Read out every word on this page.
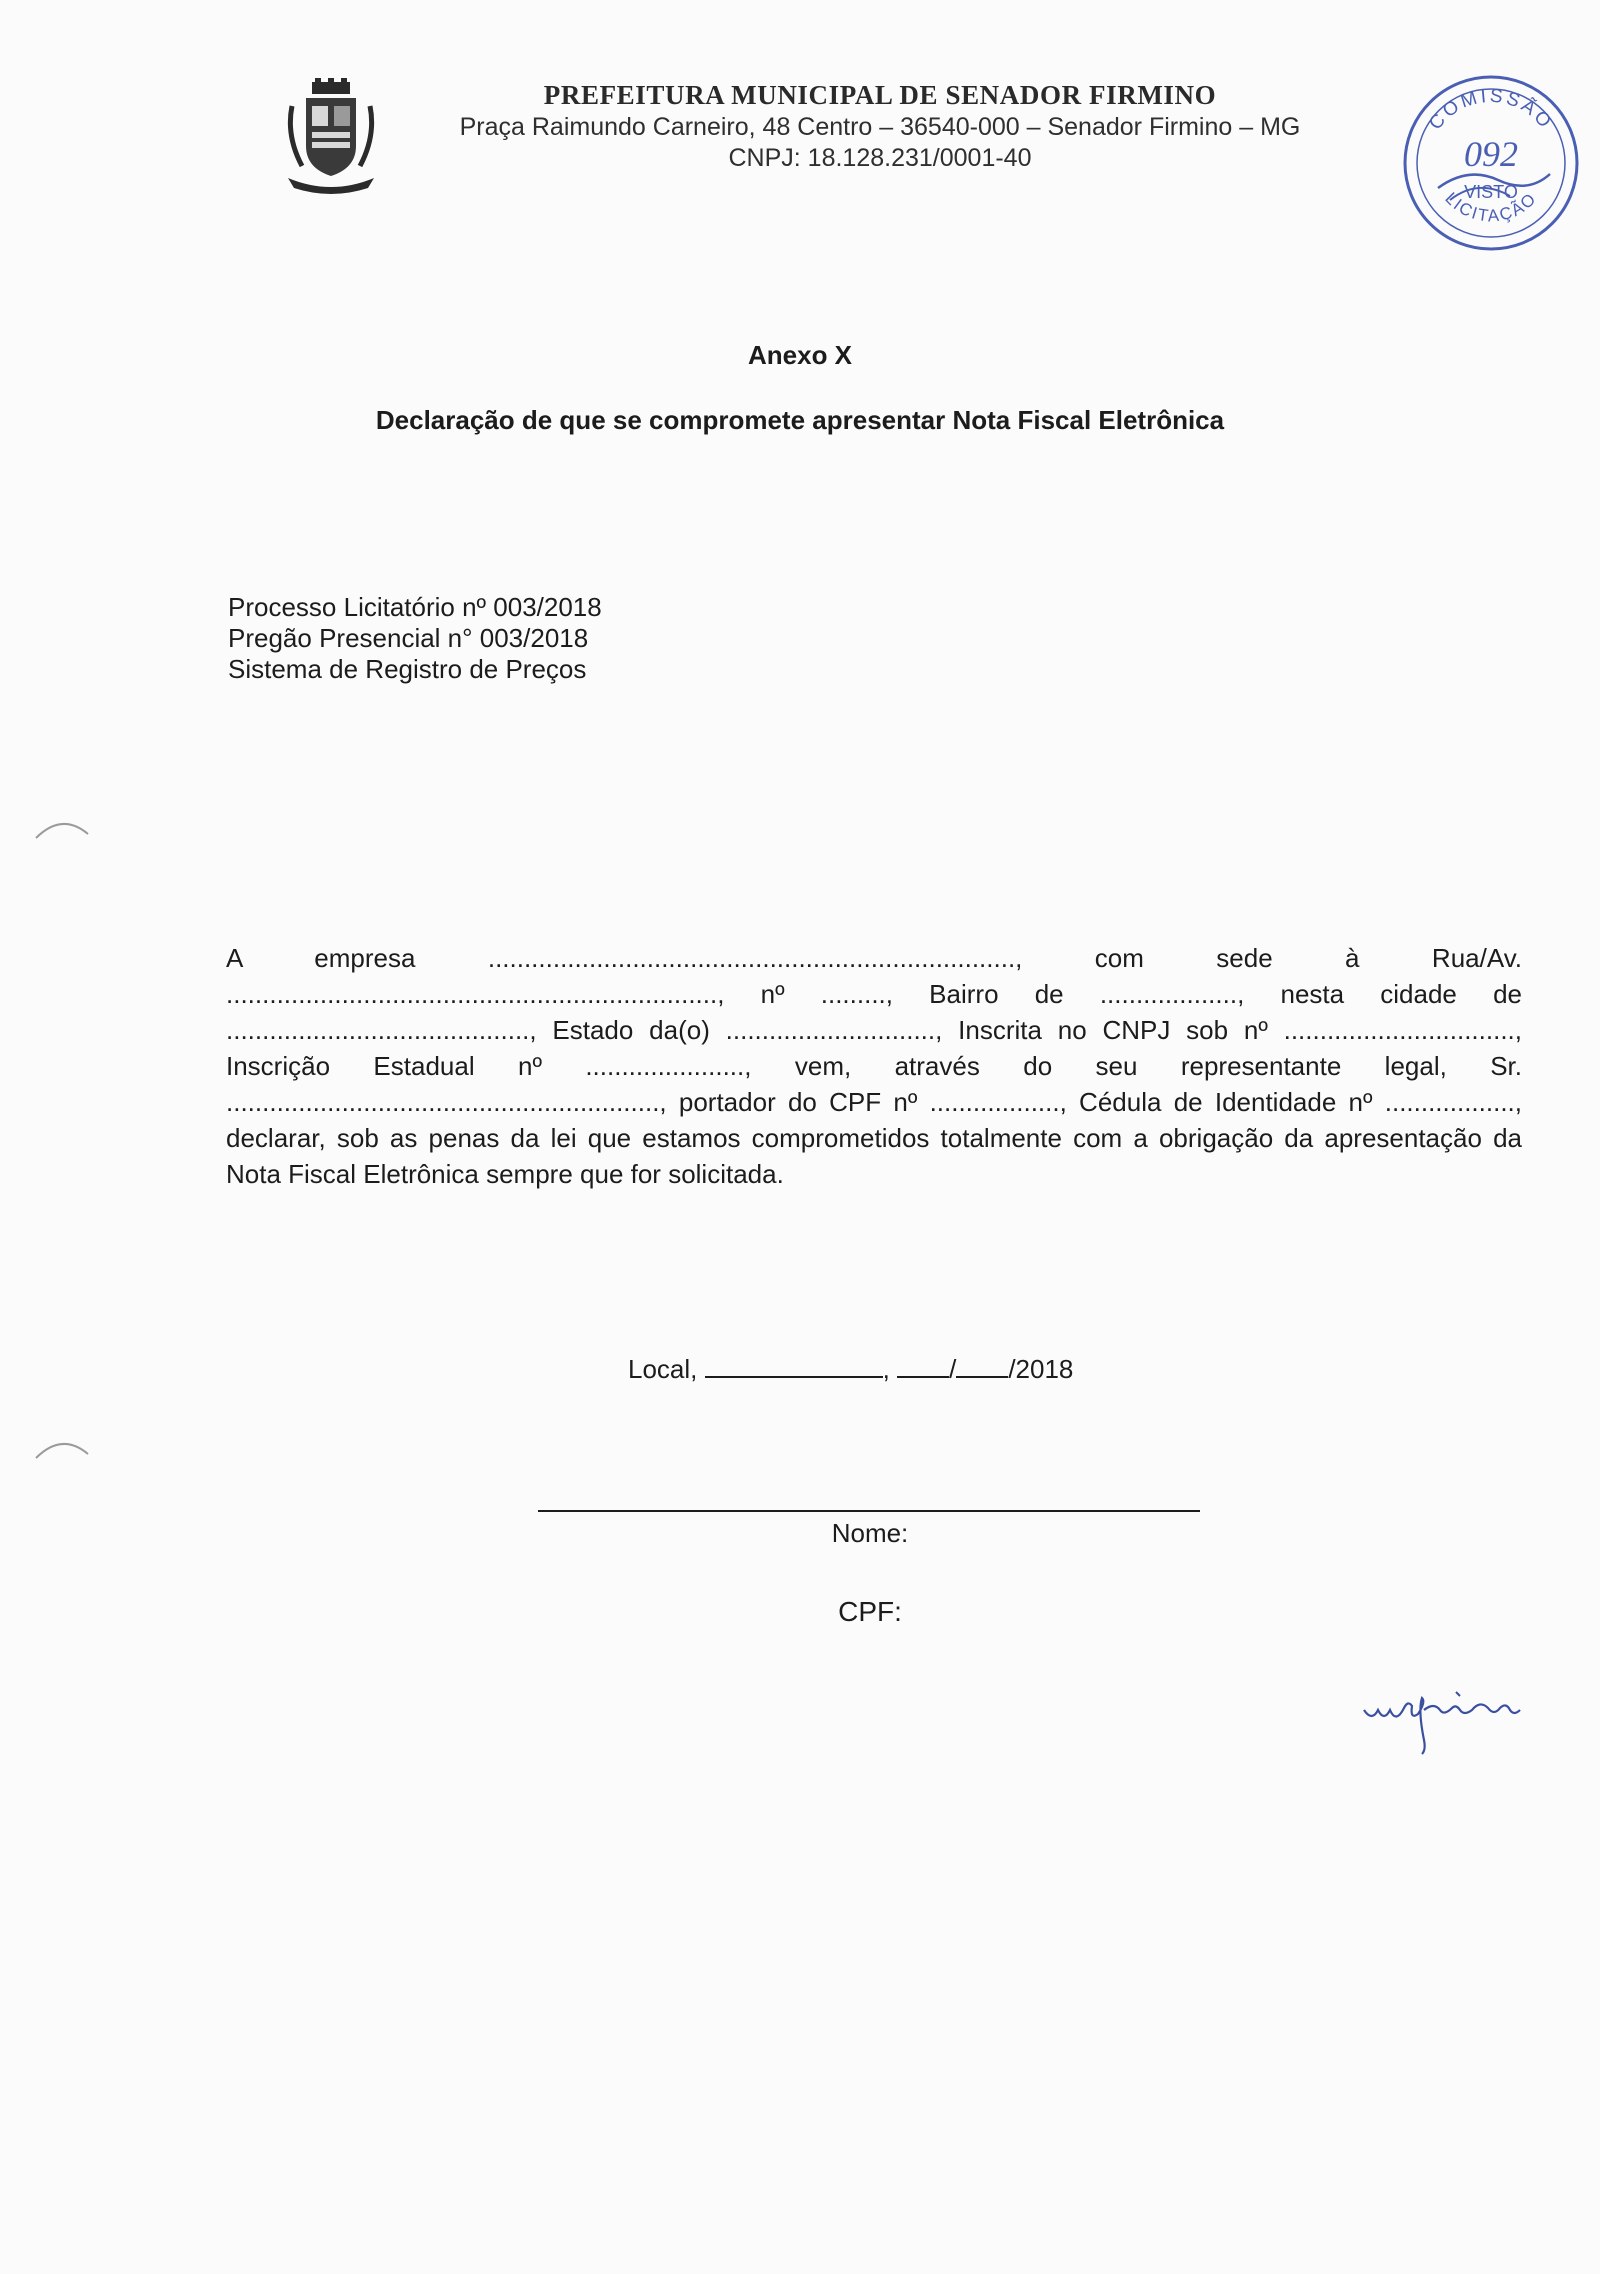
PREFEITURA MUNICIPAL DE SENADOR FIRMINO
Praça Raimundo Carneiro, 48 Centro – 36540-000 – Senador Firmino – MG
CNPJ: 18.128.231/0001-40
COMISSÃO
092
VISTO
LICITAÇÃO
Anexo X
Declaração de que se compromete apresentar Nota Fiscal Eletrônica
Processo Licitatório nº 003/2018
Pregão Presencial n° 003/2018
Sistema de Registro de Preços
A empresa ........................................................................., com sede à Rua/Av. ...................................................................., nº ........., Bairro de ..................., nesta cidade de .........................................., Estado da(o) ............................., Inscrita no CNPJ sob nº ................................, Inscrição Estadual nº ......................, vem, através do seu representante legal, Sr. ............................................................, portador do CPF nº .................., Cédula de Identidade nº .................., declarar, sob as penas da lei que estamos comprometidos totalmente com a obrigação da apresentação da Nota Fiscal Eletrônica sempre que for solicitada.
Local,	, / /2018
Nome:
CPF:
